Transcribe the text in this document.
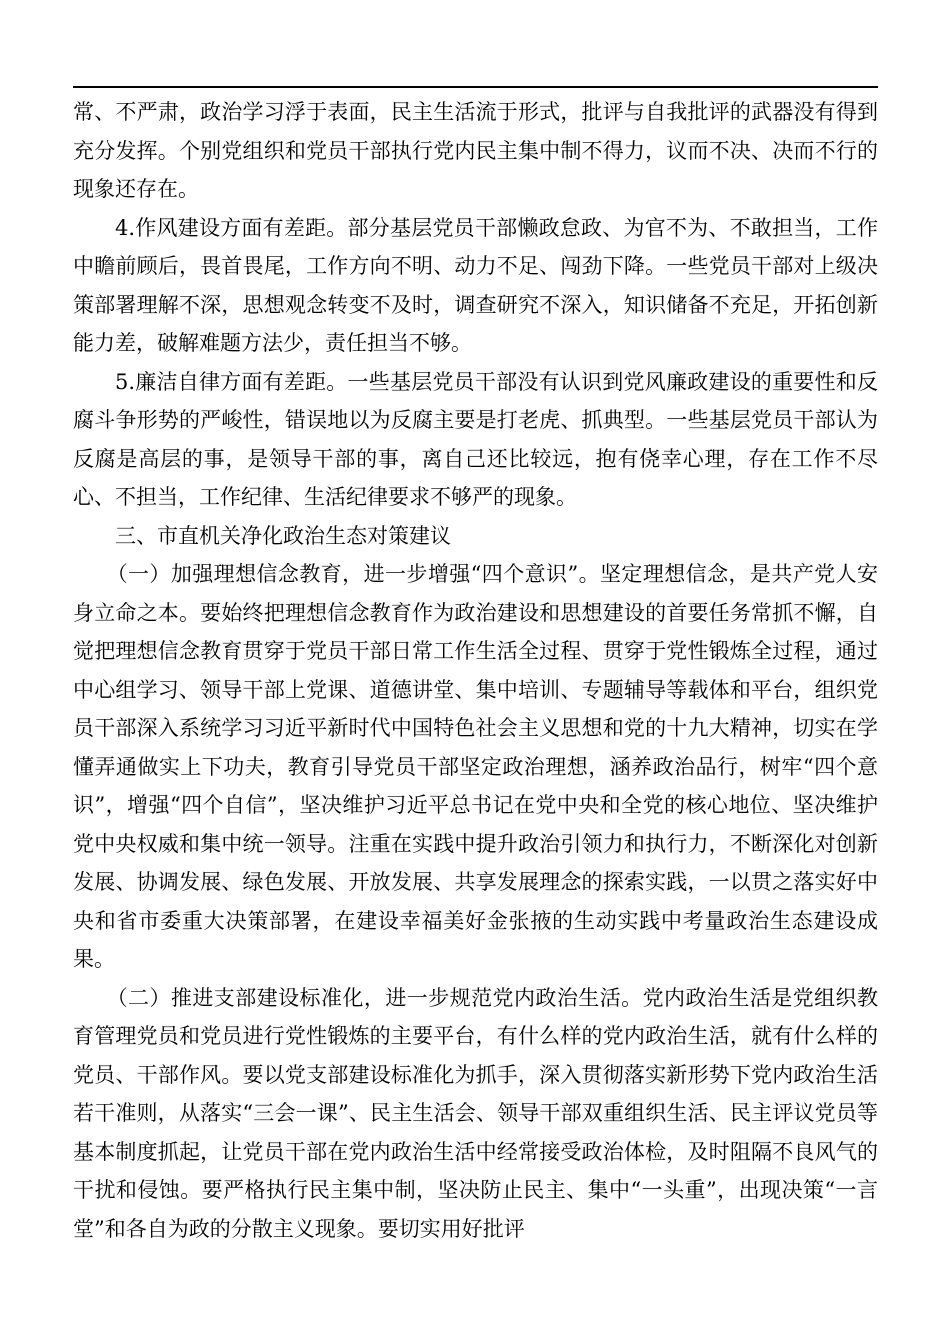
常、不严肃，政治学习浮于表面，民主生活流于形式，批评与自我批评的武器没有得到充分发挥。个别党组织和党员干部执行党内民主集中制不得力，议而不决、决而不行的现象还存在。

4.作风建设方面有差距。部分基层党员干部懒政怠政、为官不为、不敢担当，工作中瞻前顾后，畏首畏尾，工作方向不明、动力不足、闯劲下降。一些党员干部对上级决策部署理解不深，思想观念转变不及时，调查研究不深入，知识储备不充足，开拓创新能力差，破解难题方法少，责任担当不够。

5.廉洁自律方面有差距。一些基层党员干部没有认识到党风廉政建设的重要性和反腐斗争形势的严峻性，错误地以为反腐主要是打老虎、抓典型。一些基层党员干部认为反腐是高层的事，是领导干部的事，离自己还比较远，抱有侥幸心理，存在工作不尽心、不担当，工作纪律、生活纪律要求不够严的现象。

三、市直机关净化政治生态对策建议

（一）加强理想信念教育，进一步增强“四个意识”。坚定理想信念，是共产党人安身立命之本。要始终把理想信念教育作为政治建设和思想建设的首要任务常抓不懈，自觉把理想信念教育贯穿于党员干部日常工作生活全过程、贯穿于党性锻炼全过程，通过中心组学习、领导干部上党课、道德讲堂、集中培训、专题辅导等载体和平台，组织党员干部深入系统学习习近平新时代中国特色社会主义思想和党的十九大精神，切实在学懂弄通做实上下功夫，教育引导党员干部坚定政治理想，涵养政治品行，树牢“四个意识”，增强“四个自信”，坚决维护习近平总书记在党中央和全党的核心地位、坚决维护党中央权威和集中统一领导。注重在实践中提升政治引领力和执行力，不断深化对创新发展、协调发展、绿色发展、开放发展、共享发展理念的探索实践，一以贯之落实好中央和省市委重大决策部署，在建设幸福美好金张掖的生动实践中考量政治生态建设成果。

（二）推进支部建设标准化，进一步规范党内政治生活。党内政治生活是党组织教育管理党员和党员进行党性锻炼的主要平台，有什么样的党内政治生活，就有什么样的党员、干部作风。要以党支部建设标准化为抓手，深入贯彻落实新形势下党内政治生活若干准则，从落实“三会一课”、民主生活会、领导干部双重组织生活、民主评议党员等基本制度抓起，让党员干部在党内政治生活中经常接受政治体检，及时阻隔不良风气的干扰和侵蚀。要严格执行民主集中制，坚决防止民主、集中“一头重”，出现决策“一言堂”和各自为政的分散主义现象。要切实用好批评
